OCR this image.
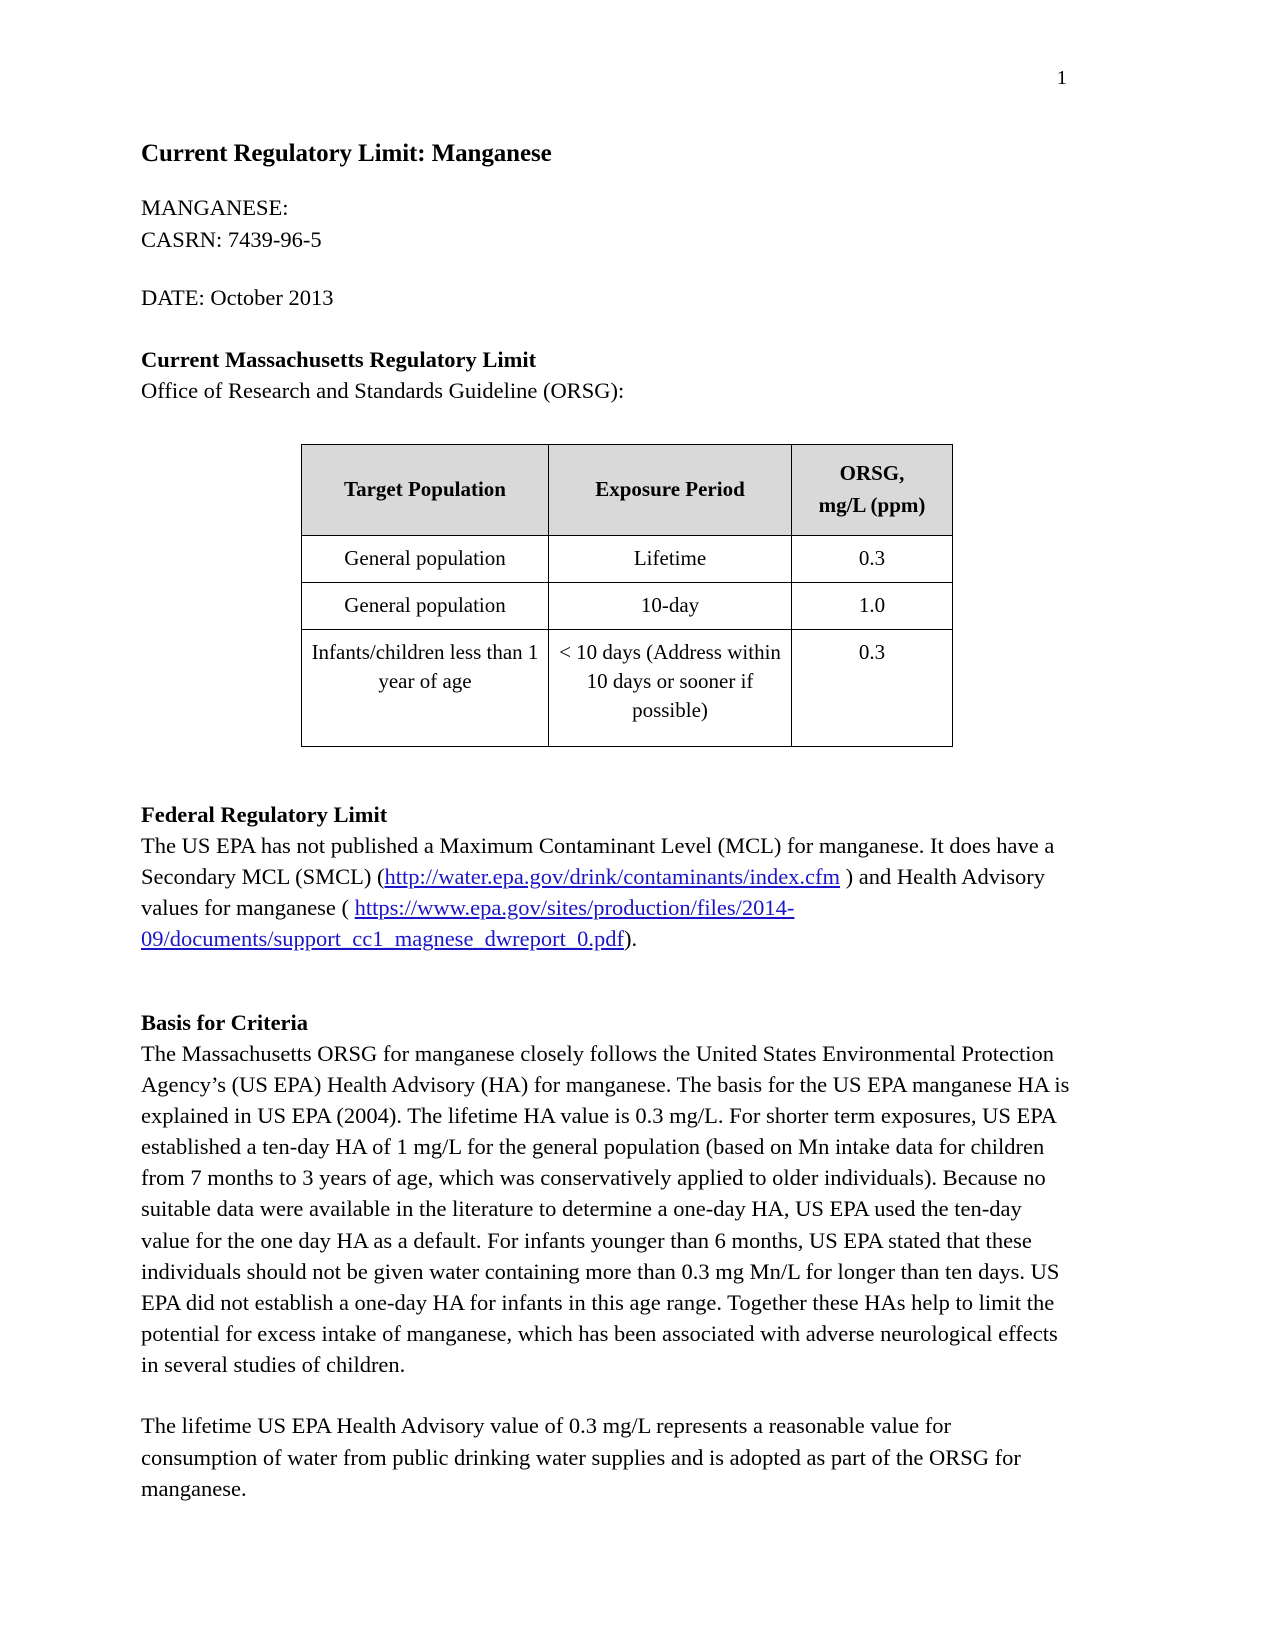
1
Current Regulatory Limit: Manganese
MANGANESE:
CASRN: 7439-96-5
DATE: October 2013
Current Massachusetts Regulatory Limit

Office of Research and Standards Guideline (ORSG):

Target Population	Exposure Period	ORSG,
mg/L (ppm)

General population	Lifetime	0.3
General population	10-day	1.0
Infants/children less than 1 year of age	< 10 days (Address within 10 days or sooner if possible)	0.3
Federal Regulatory Limit

The US EPA has not published a Maximum Contaminant Level (MCL) for manganese. It does have a Secondary MCL (SMCL) (http://water.epa.gov/drink/contaminants/index.cfm ) and Health Advisory values for manganese ( https://www.epa.gov/sites/production/files/2014-09/documents/support_cc1_magnese_dwreport_0.pdf).

Basis for Criteria

The Massachusetts ORSG for manganese closely follows the United States Environmental Protection Agency’s (US EPA) Health Advisory (HA) for manganese. The basis for the US EPA manganese HA is explained in US EPA (2004). The lifetime HA value is 0.3 mg/L. For shorter term exposures, US EPA established a ten-day HA of 1 mg/L for the general population (based on Mn intake data for children from 7 months to 3 years of age, which was conservatively applied to older individuals). Because no suitable data were available in the literature to determine a one-day HA, US EPA used the ten-day value for the one day HA as a default. For infants younger than 6 months, US EPA stated that these individuals should not be given water containing more than 0.3 mg Mn/L for longer than ten days. US EPA did not establish a one-day HA for infants in this age range. Together these HAs help to limit the potential for excess intake of manganese, which has been associated with adverse neurological effects in several studies of children.

The lifetime US EPA Health Advisory value of 0.3 mg/L represents a reasonable value for consumption of water from public drinking water supplies and is adopted as part of the ORSG for manganese.
